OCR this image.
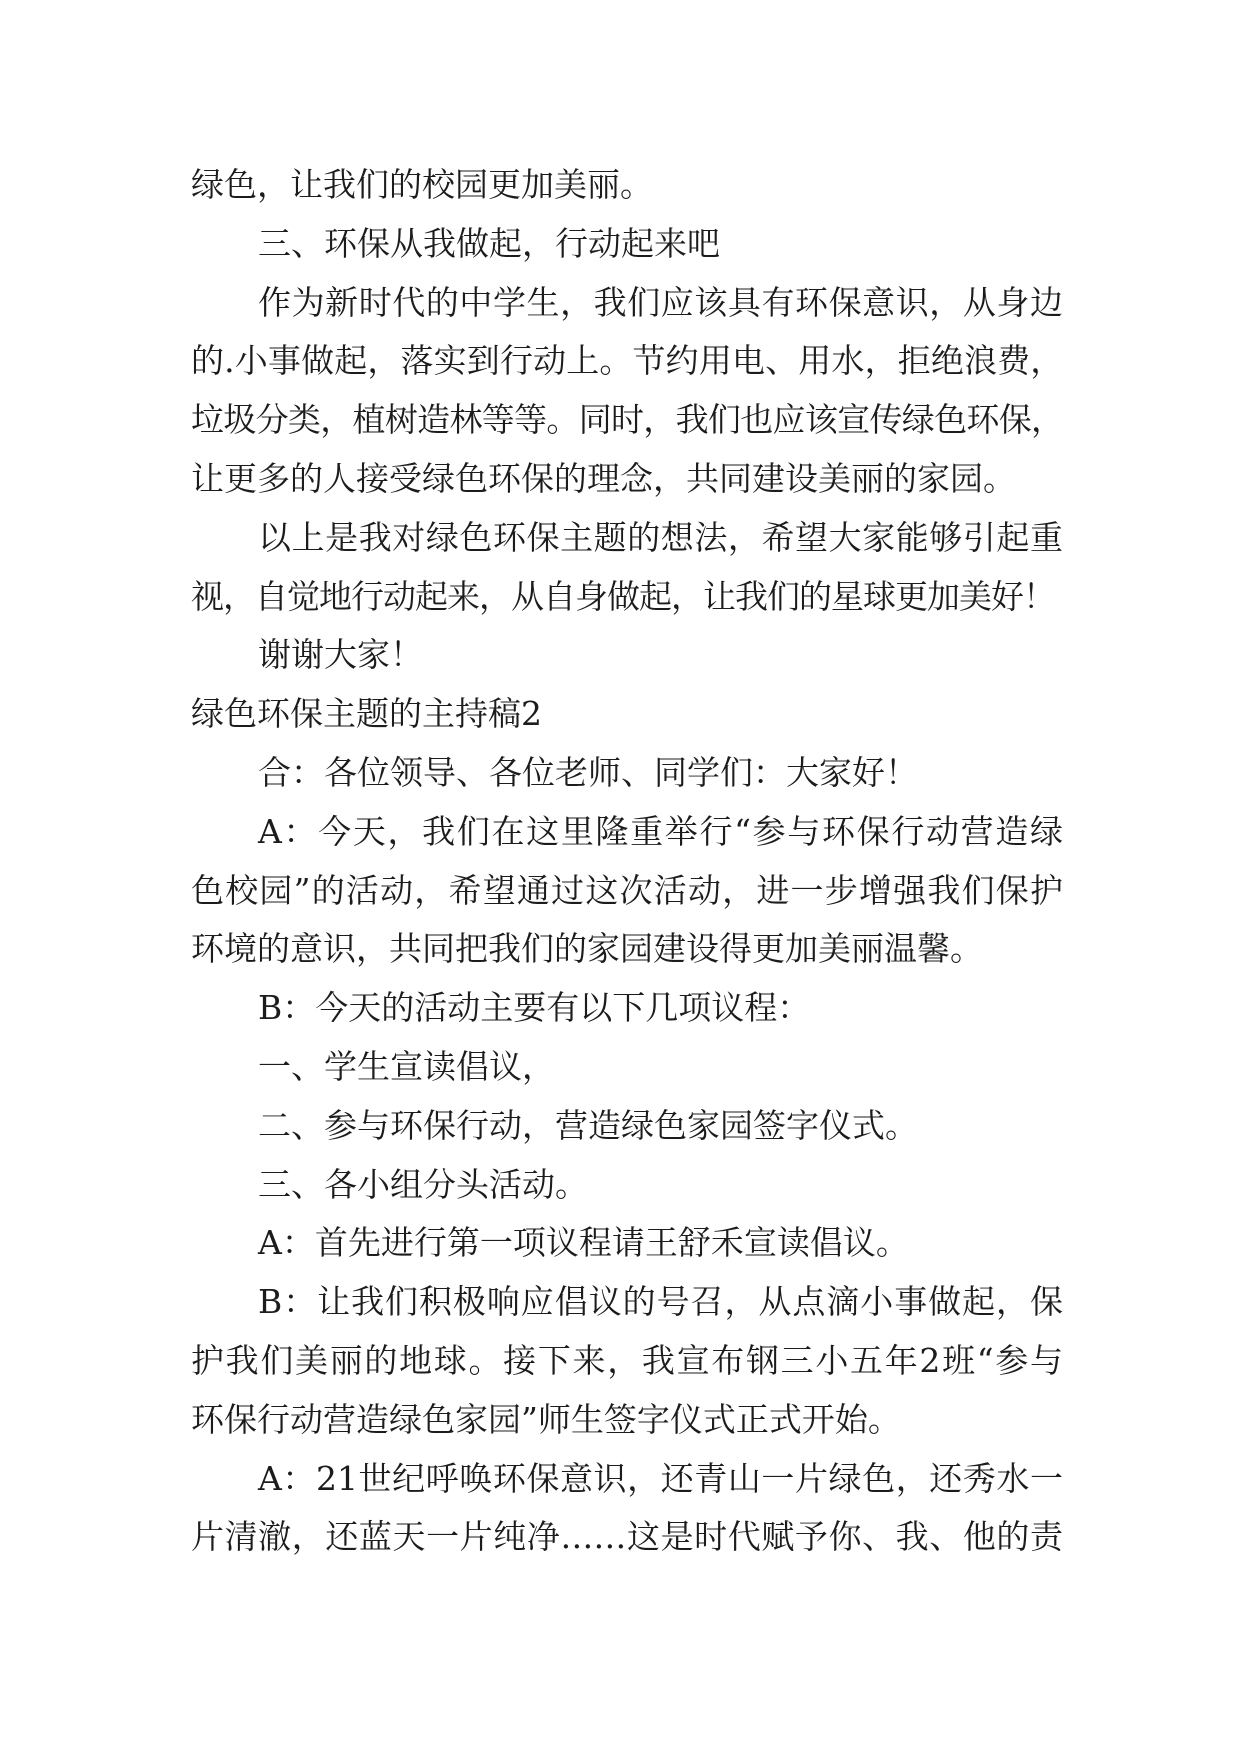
绿色，让我们的校园更加美丽。
三、环保从我做起，行动起来吧
作为新时代的中学生，我们应该具有环保意识，从身边
的.小事做起，落实到行动上。节约用电、用水，拒绝浪费，
垃圾分类，植树造林等等。同时，我们也应该宣传绿色环保，
让更多的人接受绿色环保的理念，共同建设美丽的家园。
以上是我对绿色环保主题的想法，希望大家能够引起重
视，自觉地行动起来，从自身做起，让我们的星球更加美好！
谢谢大家！
绿色环保主题的主持稿2
合：各位领导、各位老师、同学们：大家好！
A：今天，我们在这里隆重举行“参与环保行动营造绿
色校园”的活动，希望通过这次活动，进一步增强我们保护
环境的意识，共同把我们的家园建设得更加美丽温馨。
B：今天的活动主要有以下几项议程：
一、学生宣读倡议，
二、参与环保行动，营造绿色家园签字仪式。
三、各小组分头活动。
A：首先进行第一项议程请王舒禾宣读倡议。
B：让我们积极响应倡议的号召，从点滴小事做起，保
护我们美丽的地球。接下来，我宣布钢三小五年2班“参与
环保行动营造绿色家园”师生签字仪式正式开始。
A：21世纪呼唤环保意识，还青山一片绿色，还秀水一
片清澈，还蓝天一片纯净……这是时代赋予你、我、他的责
